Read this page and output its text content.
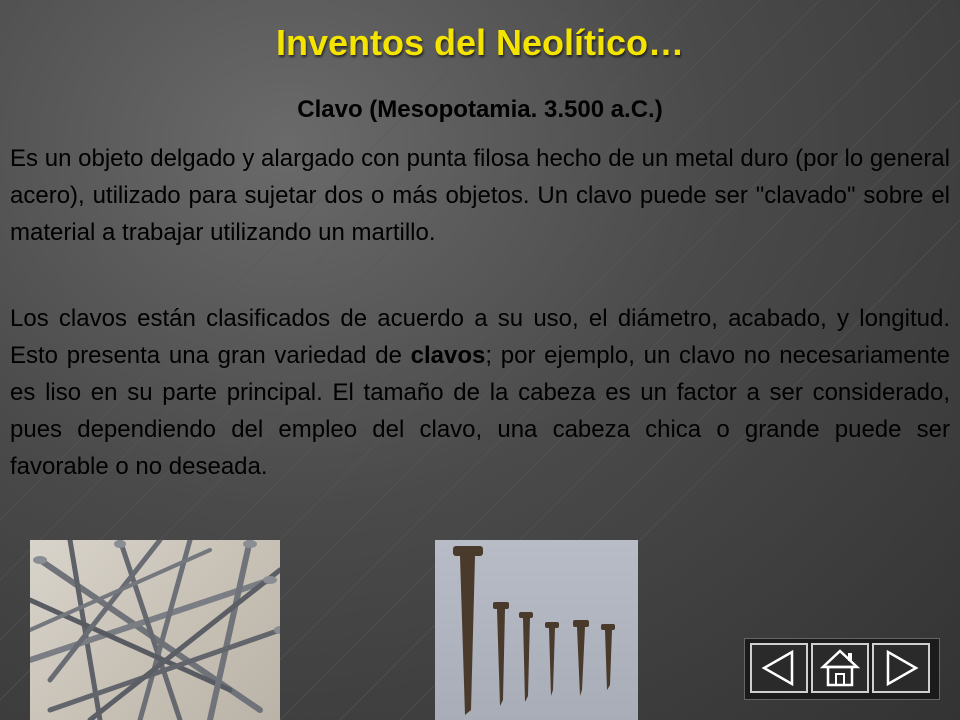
Inventos del Neolítico…
Clavo (Mesopotamia. 3.500 a.C.)

Es un objeto delgado y alargado con punta filosa hecho de un metal duro (por lo general acero), utilizado para sujetar dos o más objetos. Un clavo puede ser "clavado" sobre el material a trabajar utilizando un martillo.

Los clavos están clasificados de acuerdo a su uso, el diámetro, acabado, y longitud. Esto presenta una gran variedad de clavos; por ejemplo, un clavo no necesariamente es liso en su parte principal. El tamaño de la cabeza es un factor a ser considerado, pues dependiendo del empleo del clavo, una cabeza chica o grande puede ser favorable o no deseada.
